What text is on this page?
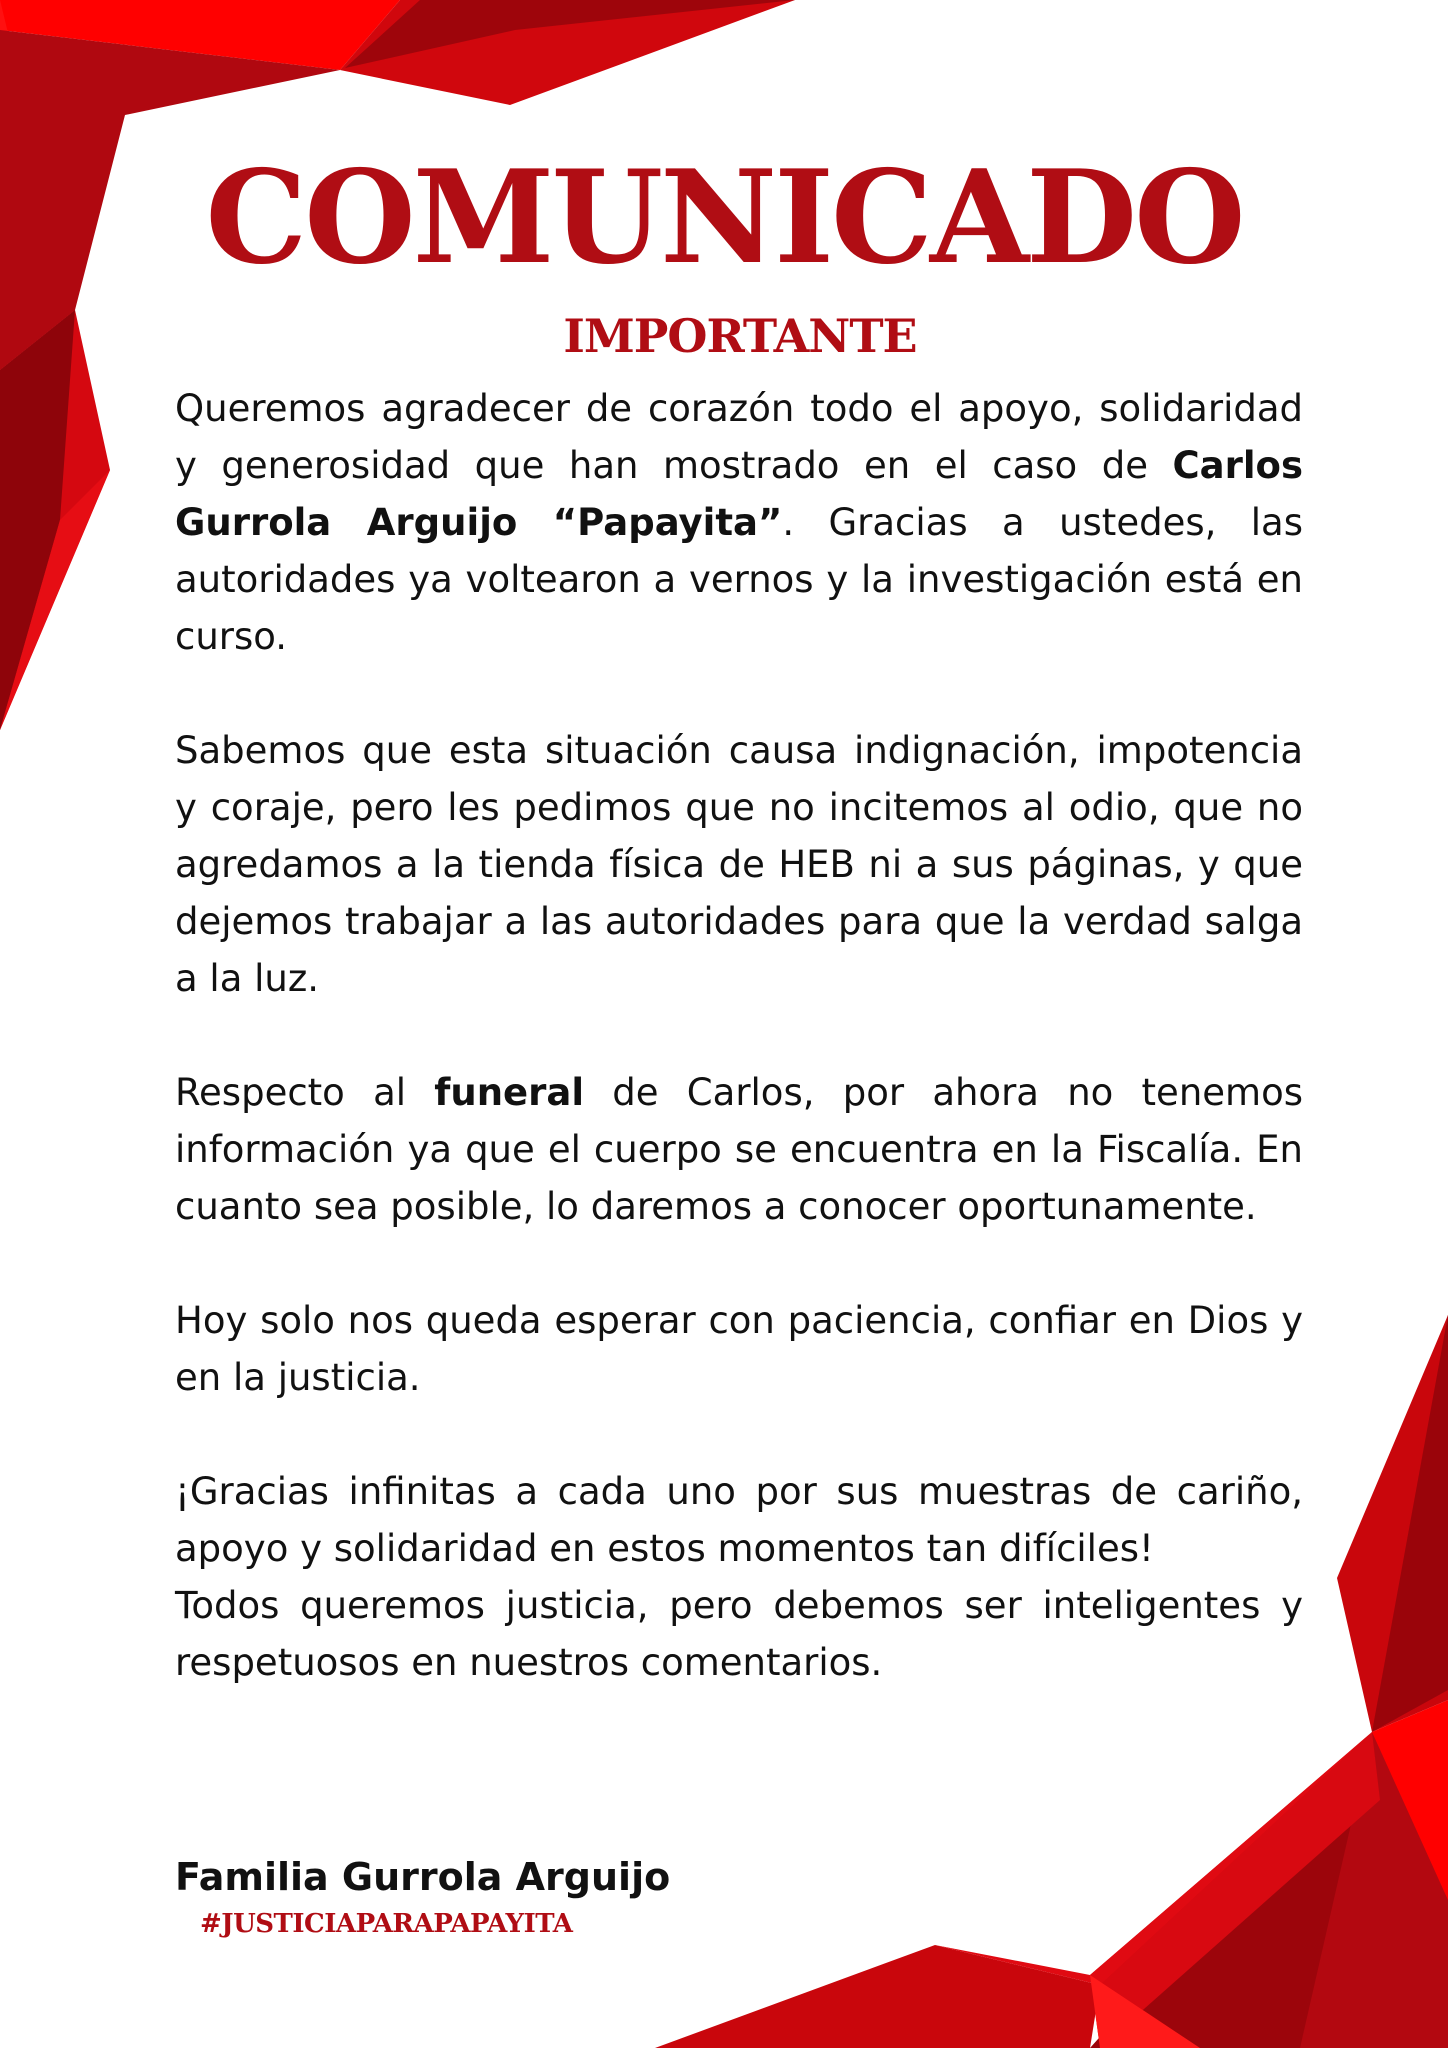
COMUNICADO
IMPORTANTE

Queremos agradecer de corazón todo el apoyo, solidaridad y generosidad que han mostrado en el caso de Carlos Gurrola Arguijo “Papayita”. Gracias a ustedes, las autoridades ya voltearon a vernos y la investigación está en curso.

Sabemos que esta situación causa indignación, impotencia y coraje, pero les pedimos que no incitemos al odio, que no agredamos a la tienda física de HEB ni a sus páginas, y que dejemos trabajar a las autoridades para que la verdad salga a la luz.

Respecto al funeral de Carlos, por ahora no tenemos información ya que el cuerpo se encuentra en la Fiscalía. En cuanto sea posible, lo daremos a conocer oportunamente.

Hoy solo nos queda esperar con paciencia, confiar en Dios y en la justicia.

¡Gracias infinitas a cada uno por sus muestras de cariño, apoyo y solidaridad en estos momentos tan difíciles!

Todos queremos justicia, pero debemos ser inteligentes y respetuosos en nuestros comentarios.

Familia Gurrola Arguijo
#JUSTICIAPARAPAPAYITA
